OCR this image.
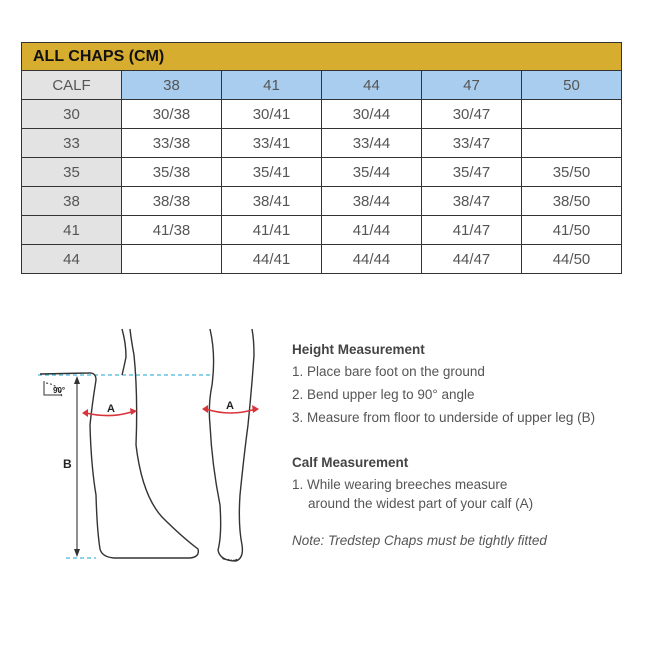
ALL CHAPS (CM)					
CALF	38	41	44	47	50
30	30/38	30/41	30/44	30/47	
33	33/38	33/41	33/44	33/47	
35	35/38	35/41	35/44	35/47	35/50
38	38/38	38/41	38/44	38/47	38/50
41	41/38	41/41	41/44	41/47	41/50
44		44/41	44/44	44/47	44/50
90°
B
A	A
Height Measurement
1. Place bare foot on the ground
2. Bend upper leg to 90° angle
3. Measure from floor to underside of upper leg (B)
Calf Measurement
1. While wearing breeches measure
around the widest part of your calf (A)
Note: Tredstep Chaps must be tightly fitted
